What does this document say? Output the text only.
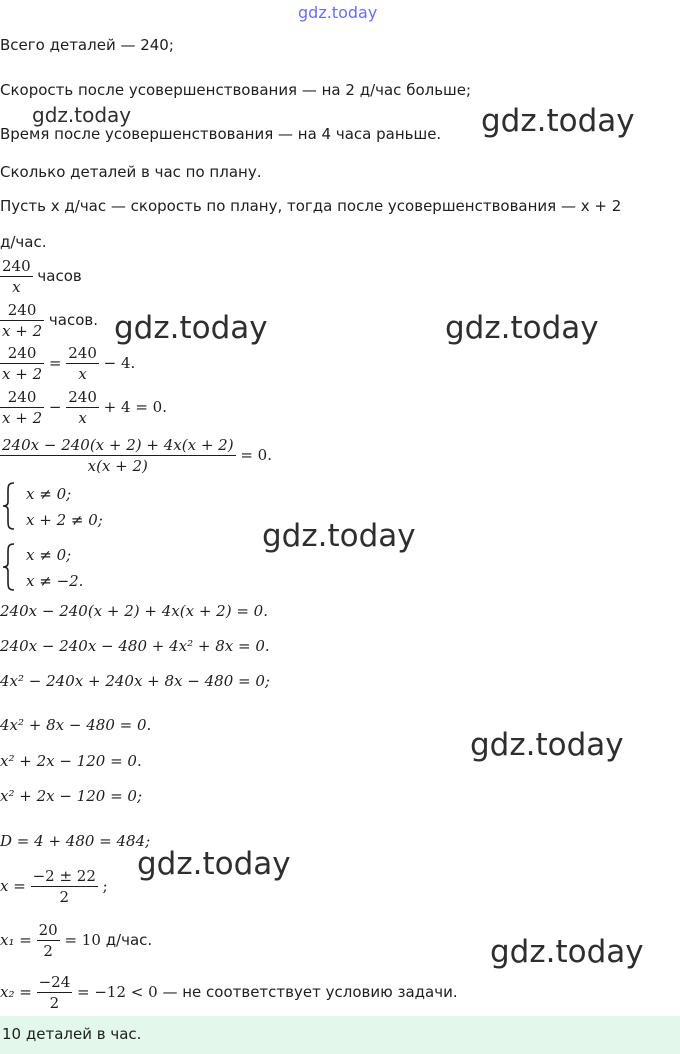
gdz.today
Всего деталей — 240;
Скорость после усовершенствования — на 2 д/час больше;
Время после усовершенствования — на 4 часа раньше.
Сколько деталей в час по плану.
Пусть x д/час — скорость по плану, тогда после усовершенствования — x + 2
д/час.
$\frac{240}{x}$ часов
$\frac{240}{x + 2}$ часов.
$\frac{240}{x + 2} = \frac{240}{x} - 4$.
$\frac{240}{x + 2} - \frac{240}{x} + 4 = 0$.
$\frac{240x - 240(x + 2) + 4x(x + 2)}{x(x + 2)} = 0$.
x ≠ 0;
x + 2 ≠ 0;
x ≠ 0;
x ≠ −2.
240x − 240(x + 2) + 4x(x + 2) = 0.
240x − 240x − 480 + 4x² + 8x = 0.
4x² − 240x + 240x + 8x − 480 = 0;
4x² + 8x − 480 = 0.
x² + 2x − 120 = 0.
x² + 2x − 120 = 0;
D = 4 + 480 = 484;
$x = \frac{-2 \pm 22}{2}$ ;
$x_1 = \frac{20}{2} = 10$ д/час.
$x_2 = \frac{-24}{2} = -12 < 0$ — не соответствует условию задачи.
10 деталей в час.
gdz.today	gdz.today
gdz.today	gdz.today
gdz.today
gdz.today
gdz.today
gdz.today
